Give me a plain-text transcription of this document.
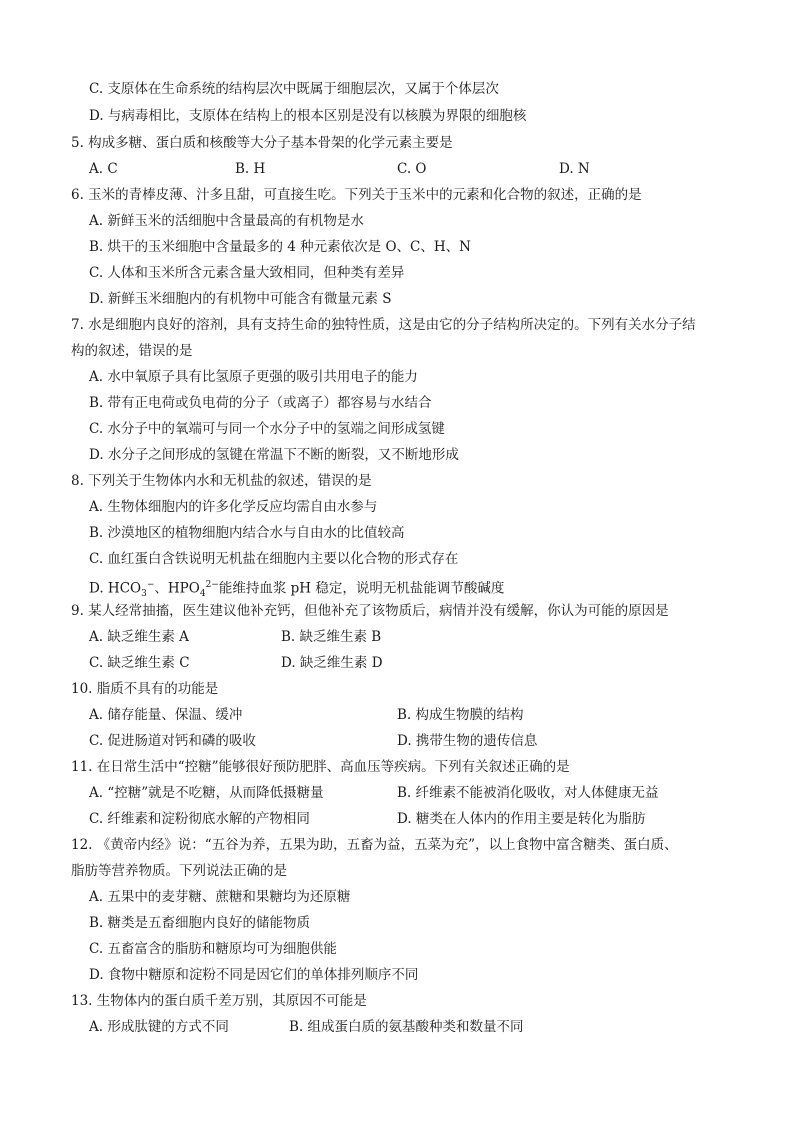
C. 支原体在生命系统的结构层次中既属于细胞层次，又属于个体层次
D. 与病毒相比，支原体在结构上的根本区别是没有以核膜为界限的细胞核
5. 构成多糖、蛋白质和核酸等大分子基本骨架的化学元素主要是
A. C	B. H	C. O	D. N
6. 玉米的青棒皮薄、汁多且甜，可直接生吃。下列关于玉米中的元素和化合物的叙述，正确的是
A. 新鲜玉米的活细胞中含量最高的有机物是水
B. 烘干的玉米细胞中含量最多的 4 种元素依次是 O、C、H、N
C. 人体和玉米所含元素含量大致相同，但种类有差异
D. 新鲜玉米细胞内的有机物中可能含有微量元素 S
7. 水是细胞内良好的溶剂，具有支持生命的独特性质，这是由它的分子结构所决定的。下列有关水分子结
构的叙述，错误的是
A. 水中氧原子具有比氢原子更强的吸引共用电子的能力
B. 带有正电荷或负电荷的分子（或离子）都容易与水结合
C. 水分子中的氧端可与同一个水分子中的氢端之间形成氢键
D. 水分子之间形成的氢键在常温下不断的断裂，又不断地形成
8. 下列关于生物体内水和无机盐的叙述，错误的是
A. 生物体细胞内的许多化学反应均需自由水参与
B. 沙漠地区的植物细胞内结合水与自由水的比值较高
C. 血红蛋白含铁说明无机盐在细胞内主要以化合物的形式存在
D. $HCO_3^-$、$HPO_4^{2-}$能维持血浆 pH 稳定，说明无机盐能调节酸碱度
9. 某人经常抽搐，医生建议他补充钙，但他补充了该物质后，病情并没有缓解，你认为可能的原因是
A. 缺乏维生素 A	B. 缺乏维生素 B
C. 缺乏维生素 C	D. 缺乏维生素 D
10. 脂质不具有的功能是
A. 储存能量、保温、缓冲	B. 构成生物膜的结构
C. 促进肠道对钙和磷的吸收	D. 携带生物的遗传信息
11. 在日常生活中“控糖”能够很好预防肥胖、高血压等疾病。下列有关叙述正确的是
A. “控糖”就是不吃糖，从而降低摄糖量	B. 纤维素不能被消化吸收，对人体健康无益
C. 纤维素和淀粉彻底水解的产物相同	D. 糖类在人体内的作用主要是转化为脂肪
12. 《黄帝内经》说：“五谷为养，五果为助，五畜为益，五菜为充”，以上食物中富含糖类、蛋白质、
脂肪等营养物质。下列说法正确的是
A. 五果中的麦芽糖、蔗糖和果糖均为还原糖
B. 糖类是五畜细胞内良好的储能物质
C. 五畜富含的脂肪和糖原均可为细胞供能
D. 食物中糖原和淀粉不同是因它们的单体排列顺序不同
13. 生物体内的蛋白质千差万别，其原因不可能是
A. 形成肽键的方式不同	B. 组成蛋白质的氨基酸种类和数量不同
